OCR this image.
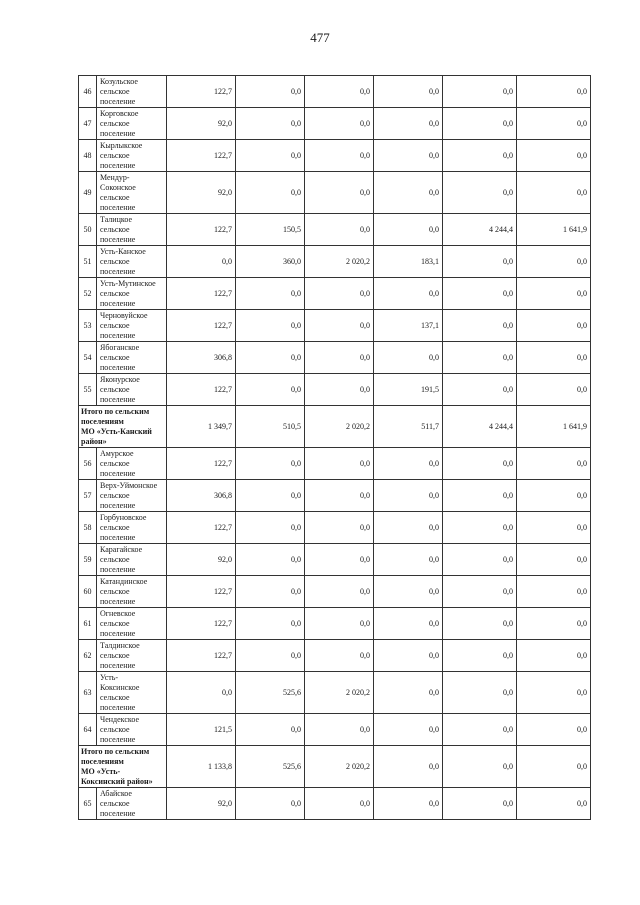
477
46	Козульское
сельское
поселение	122,7	0,0	0,0	0,0	0,0	0,0
47	Корговское
сельское
поселение	92,0	0,0	0,0	0,0	0,0	0,0
48	Кырлыкское
сельское
поселение	122,7	0,0	0,0	0,0	0,0	0,0
49	Мендур-
Соконское
сельское
поселение	92,0	0,0	0,0	0,0	0,0	0,0
50	Талицкое
сельское
поселение	122,7	150,5	0,0	0,0	4 244,4	1 641,9
51	Усть-Канское
сельское
поселение	0,0	360,0	2 020,2	183,1	0,0	0,0
52	Усть-Мутинское
сельское
поселение	122,7	0,0	0,0	0,0	0,0	0,0
53	Черновуйское
сельское
поселение	122,7	0,0	0,0	137,1	0,0	0,0
54	Ябоганское
сельское
поселение	306,8	0,0	0,0	0,0	0,0	0,0
55	Яконурское
сельское
поселение	122,7	0,0	0,0	191,5	0,0	0,0
Итого по сельским
поселениям
МО «Усть-Канский
район»		1 349,7	510,5	2 020,2	511,7	4 244,4	1 641,9
56	Амурское
сельское
поселение	122,7	0,0	0,0	0,0	0,0	0,0
57	Верх-Уймонское
сельское
поселение	306,8	0,0	0,0	0,0	0,0	0,0
58	Горбуновское
сельское
поселение	122,7	0,0	0,0	0,0	0,0	0,0
59	Карагайское
сельское
поселение	92,0	0,0	0,0	0,0	0,0	0,0
60	Катандинское
сельское
поселение	122,7	0,0	0,0	0,0	0,0	0,0
61	Огневское
сельское
поселение	122,7	0,0	0,0	0,0	0,0	0,0
62	Талдинское
сельское
поселение	122,7	0,0	0,0	0,0	0,0	0,0
63	Усть-
Коксинское
сельское
поселение	0,0	525,6	2 020,2	0,0	0,0	0,0
64	Чендекское
сельское
поселение	121,5	0,0	0,0	0,0	0,0	0,0
Итого по сельским
поселениям
МО «Усть-
Коксинский район»		1 133,8	525,6	2 020,2	0,0	0,0	0,0
65	Абайское
сельское
поселение	92,0	0,0	0,0	0,0	0,0	0,0
